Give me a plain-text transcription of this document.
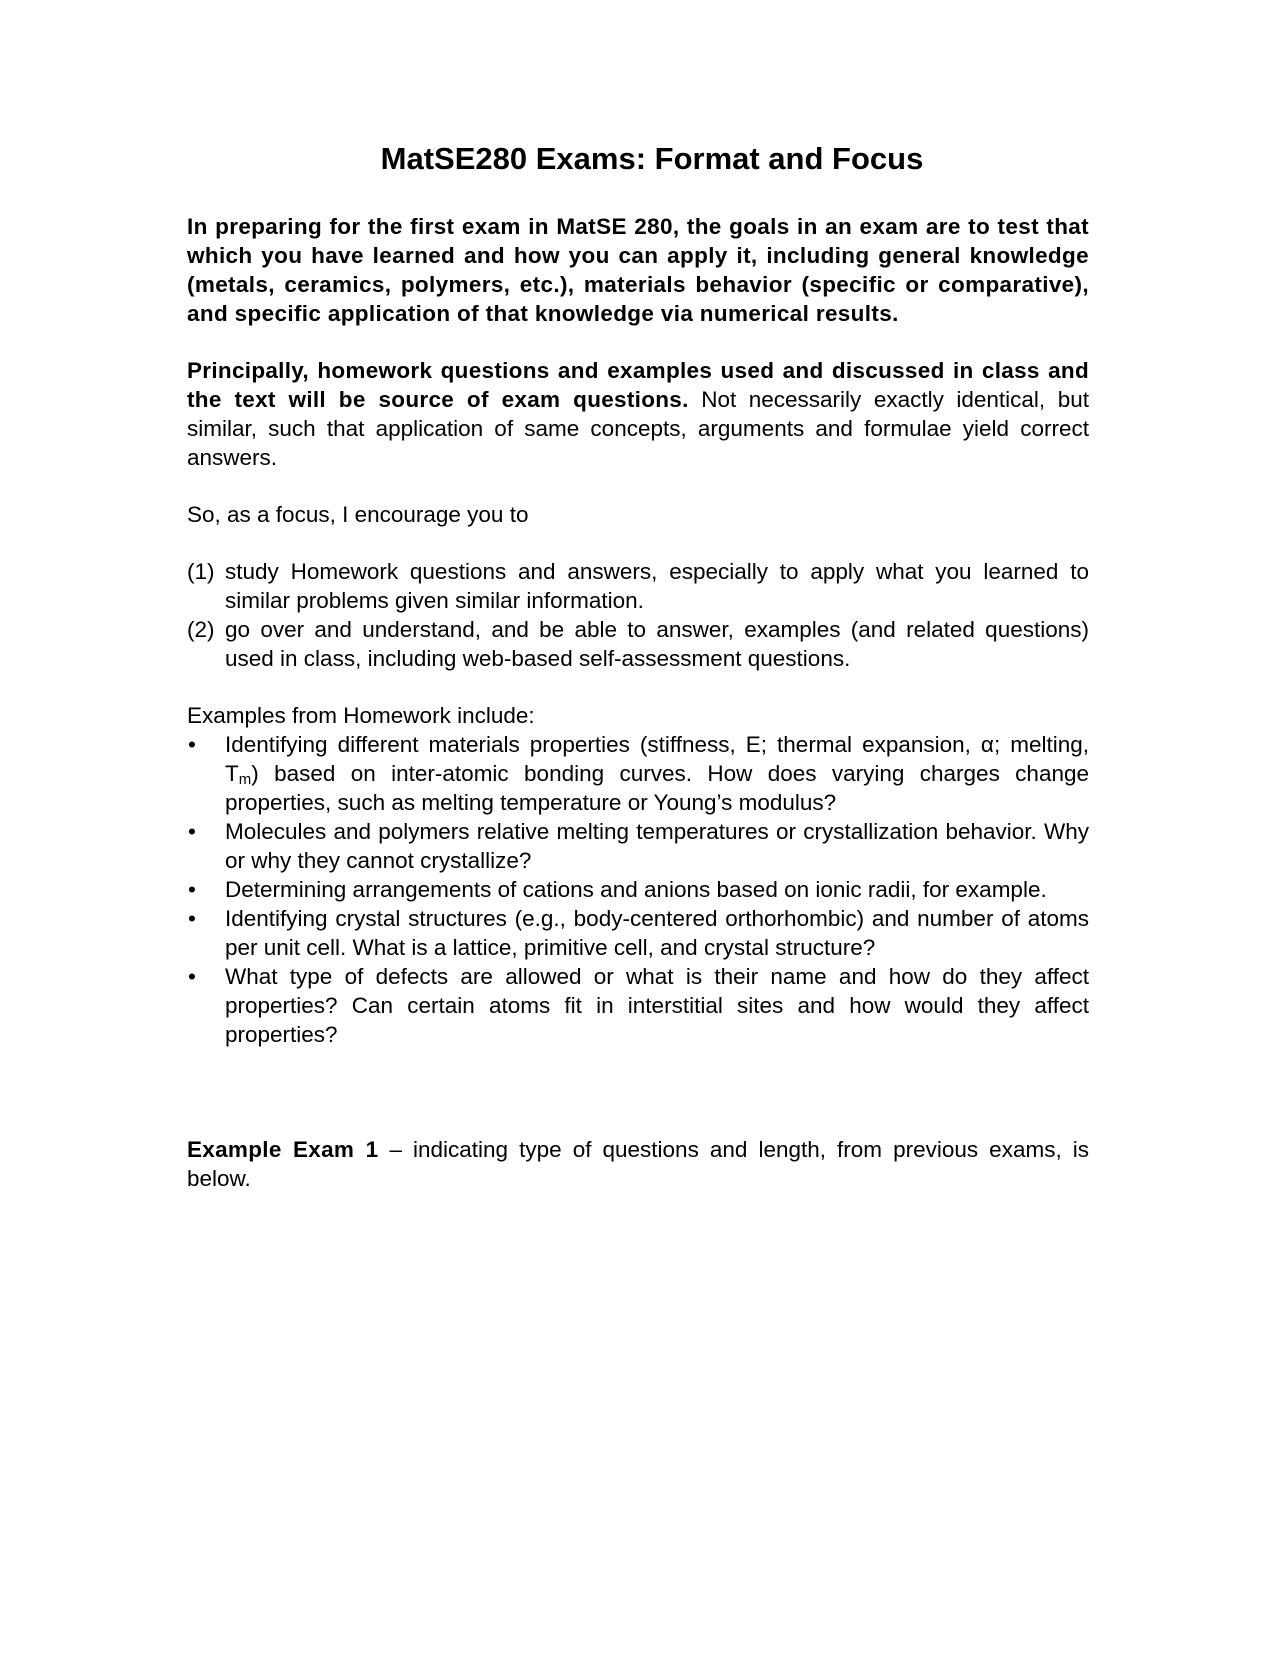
MatSE280 Exams: Format and Focus

In preparing for the first exam in MatSE 280, the goals in an exam are to test that which you have learned and how you can apply it, including general knowledge (metals, ceramics, polymers, etc.), materials behavior (specific or comparative), and specific application of that knowledge via numerical results.

Principally, homework questions and examples used and discussed in class and the text will be source of exam questions. Not necessarily exactly identical, but similar, such that application of same concepts, arguments and formulae yield correct answers.

So, as a focus, I encourage you to

(1) study Homework questions and answers, especially to apply what you learned to similar problems given similar information.
(2) go over and understand, and be able to answer, examples (and related questions) used in class, including web-based self-assessment questions.

Examples from Homework include:

• Identifying different materials properties (stiffness, E; thermal expansion, α; melting, $T_m$) based on inter-atomic bonding curves. How does varying charges change properties, such as melting temperature or Young’s modulus?
• Molecules and polymers relative melting temperatures or crystallization behavior. Why or why they cannot crystallize?
• Determining arrangements of cations and anions based on ionic radii, for example.
• Identifying crystal structures (e.g., body-centered orthorhombic) and number of atoms per unit cell. What is a lattice, primitive cell, and crystal structure?
• What type of defects are allowed or what is their name and how do they affect properties? Can certain atoms fit in interstitial sites and how would they affect properties?

Example Exam 1 – indicating type of questions and length, from previous exams, is below.
